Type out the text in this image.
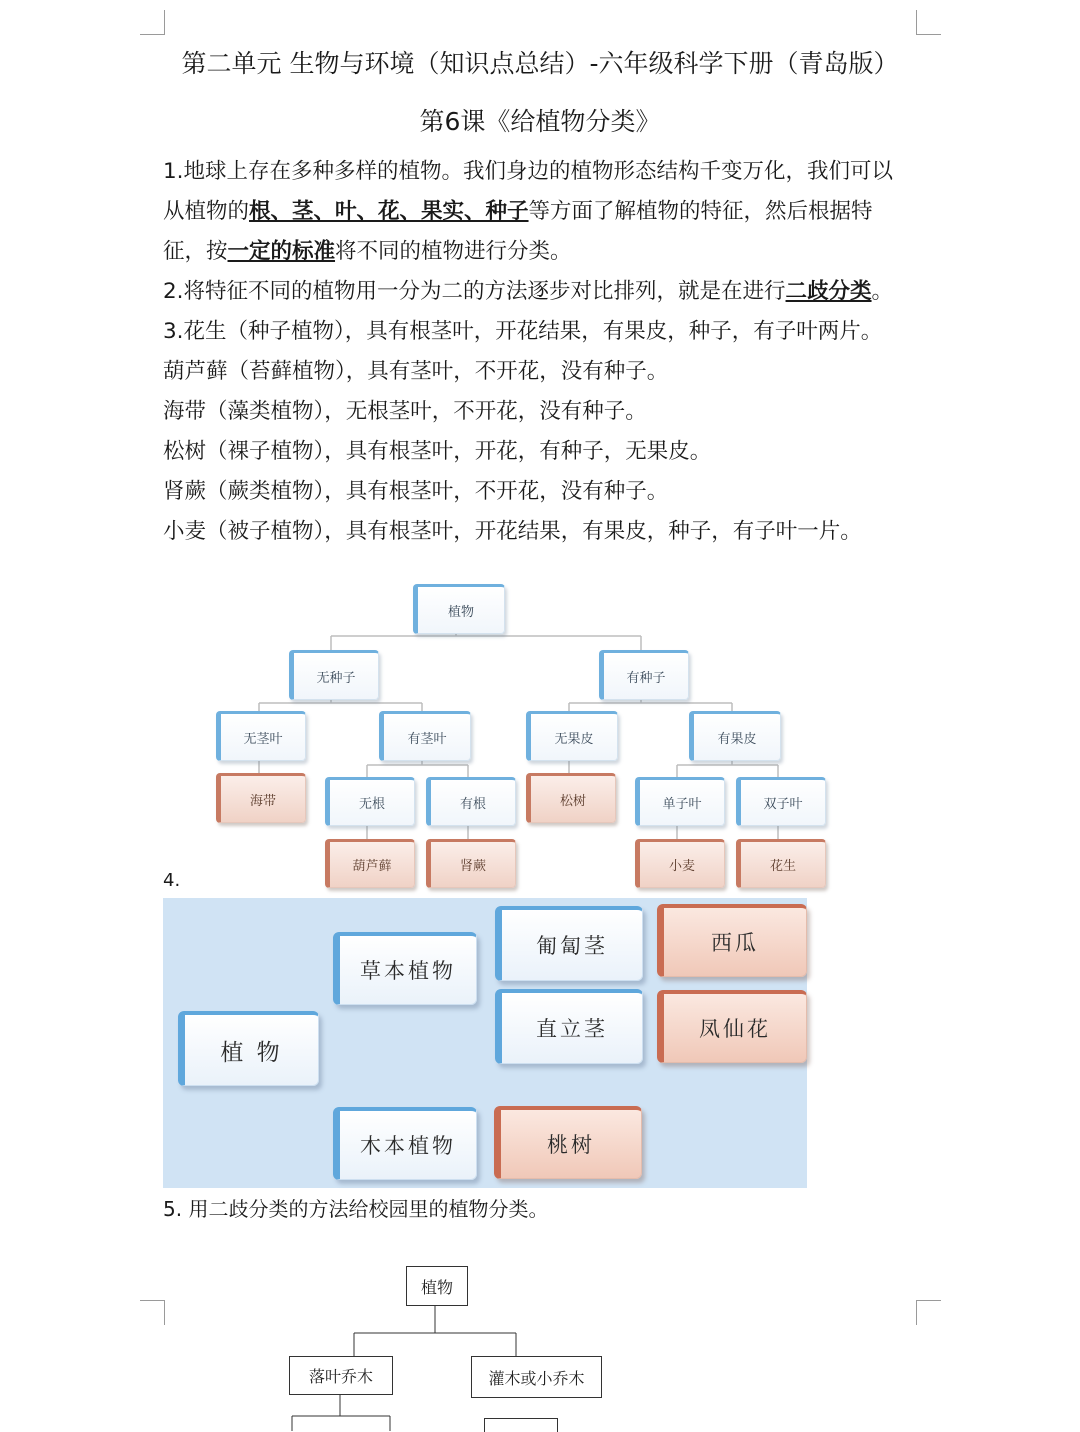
第二单元 生物与环境（知识点总结）-六年级科学下册（青岛版）
第6课《给植物分类》
1.地球上存在多种多样的植物。我们身边的植物形态结构千变万化，我们可以
从植物的根、茎、叶、花、果实、种子等方面了解植物的特征，然后根据特
征，按一定的标准将不同的植物进行分类。
2.将特征不同的植物用一分为二的方法逐步对比排列，就是在进行二歧分类。
3.花生（种子植物），具有根茎叶，开花结果，有果皮，种子，有子叶两片。
葫芦藓（苔藓植物），具有茎叶，不开花，没有种子。
海带（藻类植物），无根茎叶，不开花，没有种子。
松树（裸子植物），具有根茎叶，开花，有种子，无果皮。
肾蕨（蕨类植物），具有根茎叶，不开花，没有种子。
小麦（被子植物），具有根茎叶，开花结果，有果皮，种子，有子叶一片。
植物
无种子	有种子
无茎叶	有茎叶	无果皮	有果皮
海带	无根	有根	松树	单子叶	双子叶
葫芦藓	肾蕨	小麦	花生
4.
植 物
草本植物
木本植物
匍匐茎
直立茎
西瓜
凤仙花
桃树
5. 用二歧分类的方法给校园里的植物分类。
植物
落叶乔木	灌木或小乔木
